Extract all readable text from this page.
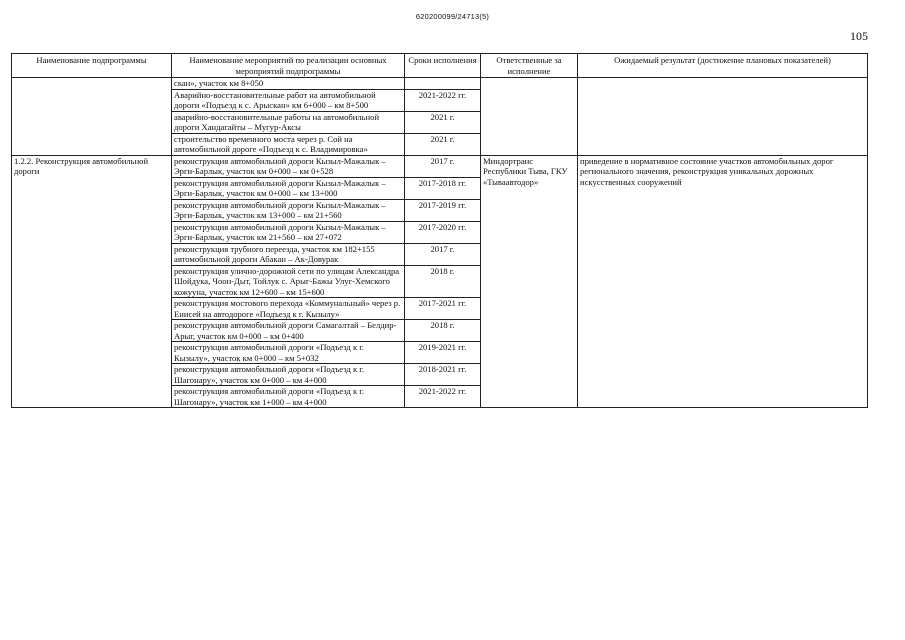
620200099/24713(5)
105
Наименование подпрограммы	Наименование мероприятий по реализации основных мероприятий подпрограммы	Сроки исполнения	Ответственные за исполнение	Ожидаемый результат (достижение плановых показателей)
	скан», участок км 8+050			
	Аварийно-восстановительные работ на автомобильной дороги «Подъезд к с. Арыскан» км 6+000 – км 8+500	2021-2022 гг.		
	аварийно-восстановительные работы на автомобильной дороги Хандагайты – Мугур-Аксы	2021 г.		
	строительство временного моста через р. Сой на автомобильной дороге «Подъезд к с. Владимировка»	2021 г.		
1.2.2. Реконструкция автомобильной дороги	реконструкция автомобильной дороги Кызыл-Мажалык – Эрги-Барлык, участок км 0+000 – км 0+528	2017 г.	Миндортранс Республики Тыва, ГКУ «Тываавтодор»	приведение в нормативное состояние участков автомобильных дорог регионального значения, реконструкция уникальных дорожных искусственных сооружений
	реконструкция автомобильной дороги Кызыл-Мажалык – Эрги-Барлык, участок км 0+000 – км 13+000	2017-2018 гг.		
	реконструкция автомобильной дороги Кызыл-Мажалык – Эрги-Барлык, участок км 13+000 – км 21+560	2017-2019 гг.		
	реконструкция автомобильной дороги Кызыл-Мажалык – Эрги-Барлык, участок км 21+560 – км 27+072	2017-2020 гг.		
	реконструкция трубного переезда, участок км 182+155 автомобильной дороги Абакан – Ак-Довурак	2017 г.		
	реконструкция улично-дорожной сети по улицам Александра Шойдука, Чоон-Дыт, Тойлук с. Арыг-Бажы Улуг-Хемского кожууна, участок км 12+600 – км 15+600	2018 г.		
	реконструкция мостового перехода «Коммунальный» через р. Енисей на автодороге «Подъезд к г. Кызылу»	2017-2021 гг.		
	реконструкция автомобильной дороги Самагалтай – Белдир-Арыг, участок км 0+000 – км 0+400	2018 г.		
	реконструкция автомобильной дороги «Подъезд к г. Кызылу», участок км 0+000 – км 5+032	2019-2021 гг.		
	реконструкция автомобильной дороги «Подъезд к г. Шагонару», участок км 0+000 – км 4+000	2018-2021 гг.		
	реконструкция автомобильной дороги «Подъезд к г. Шагонару», участок км 1+000 – км 4+000	2021-2022 гг.		
